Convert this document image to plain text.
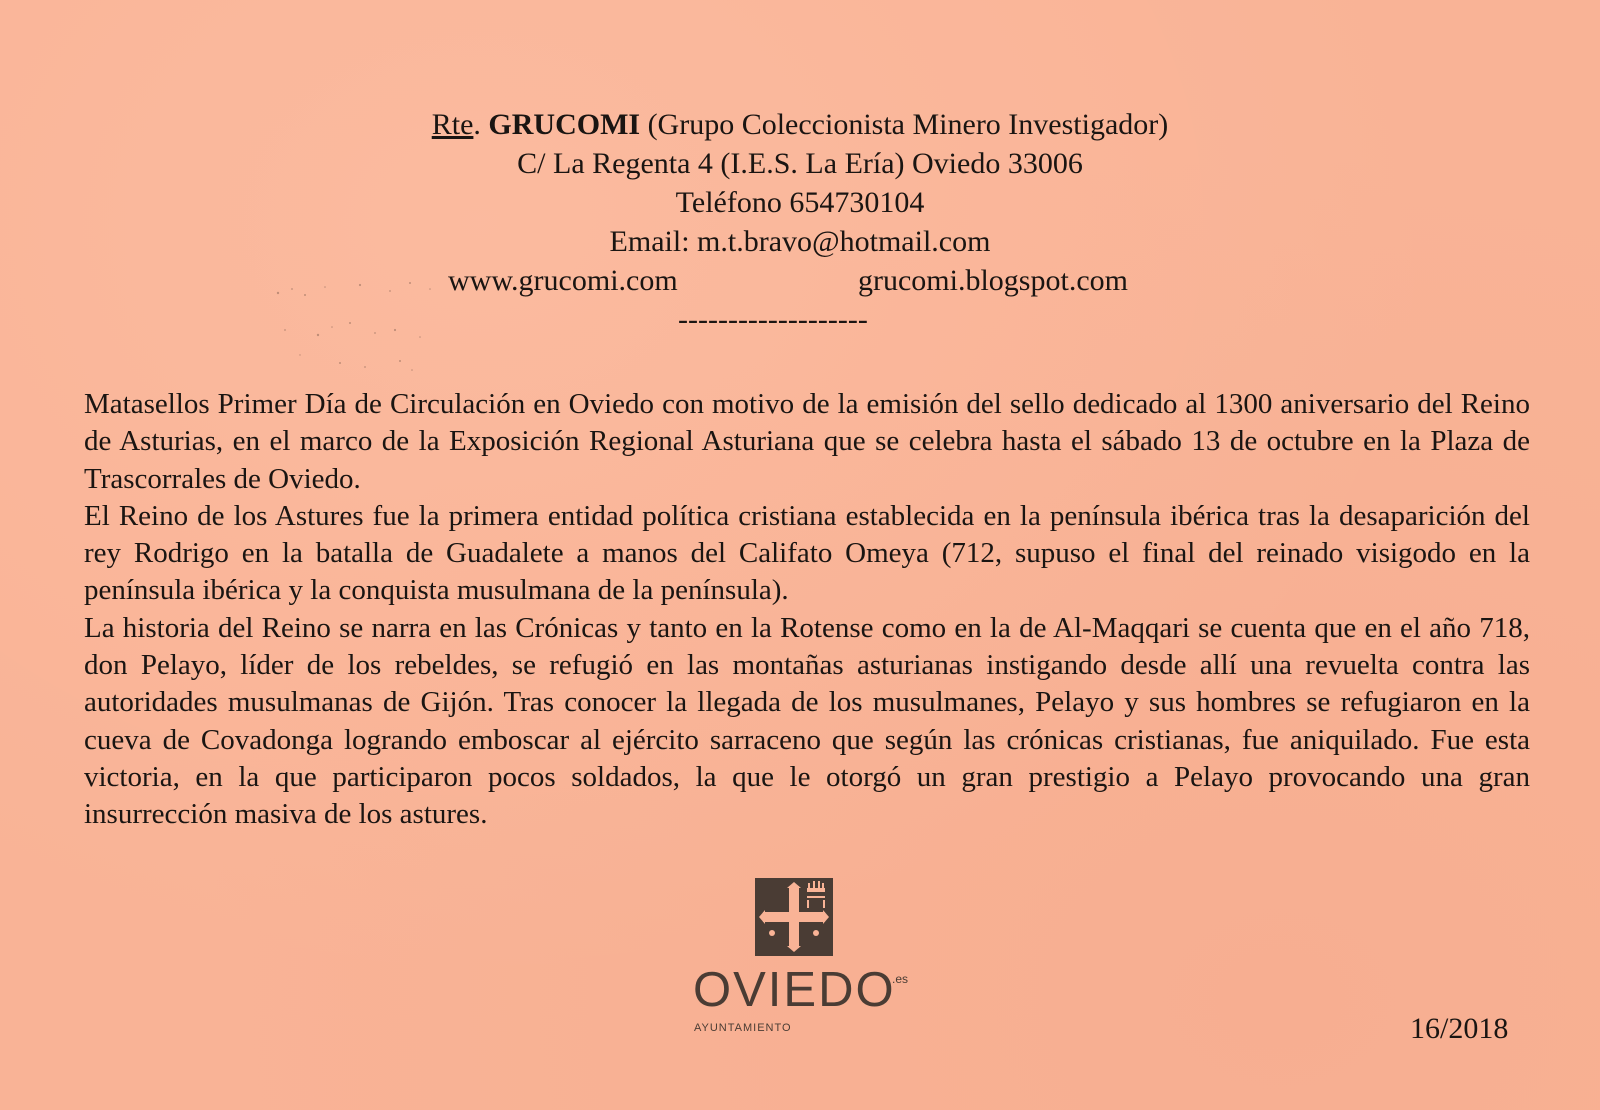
Rte. GRUCOMI (Grupo Coleccionista Minero Investigador)
C/ La Regenta 4 (I.E.S. La Ería) Oviedo 33006
Teléfono 654730104
Email: m.t.bravo@hotmail.com
www.grucomi.com	grucomi.blogspot.com
-------------------

Matasellos Primer Día de Circulación en Oviedo con motivo de la emisión del sello dedicado al 1300 aniversario del Reino de Asturias, en el marco de la Exposición Regional Asturiana que se celebra hasta el sábado 13 de octubre en la Plaza de Trascorrales de Oviedo.

El Reino de los Astures fue la primera entidad política cristiana establecida en la península ibérica tras la desaparición del rey Rodrigo en la batalla de Guadalete a manos del Califato Omeya (712, supuso el final del reinado visigodo en la península ibérica y la conquista musulmana de la península).

La historia del Reino se narra en las Crónicas y tanto en la Rotense como en la de Al-Maqqari se cuenta que en el año 718, don Pelayo, líder de los rebeldes, se refugió en las montañas asturianas instigando desde allí una revuelta contra las autoridades musulmanas de Gijón. Tras conocer la llegada de los musulmanes, Pelayo y sus hombres se refugiaron en la cueva de Covadonga logrando emboscar al ejército sarraceno que según las crónicas cristianas, fue aniquilado. Fue esta victoria, en la que participaron pocos soldados, la que le otorgó un gran prestigio a Pelayo provocando una gran insurrección masiva de los astures.

OVIEDO
.es
AYUNTAMIENTO	16/2018
